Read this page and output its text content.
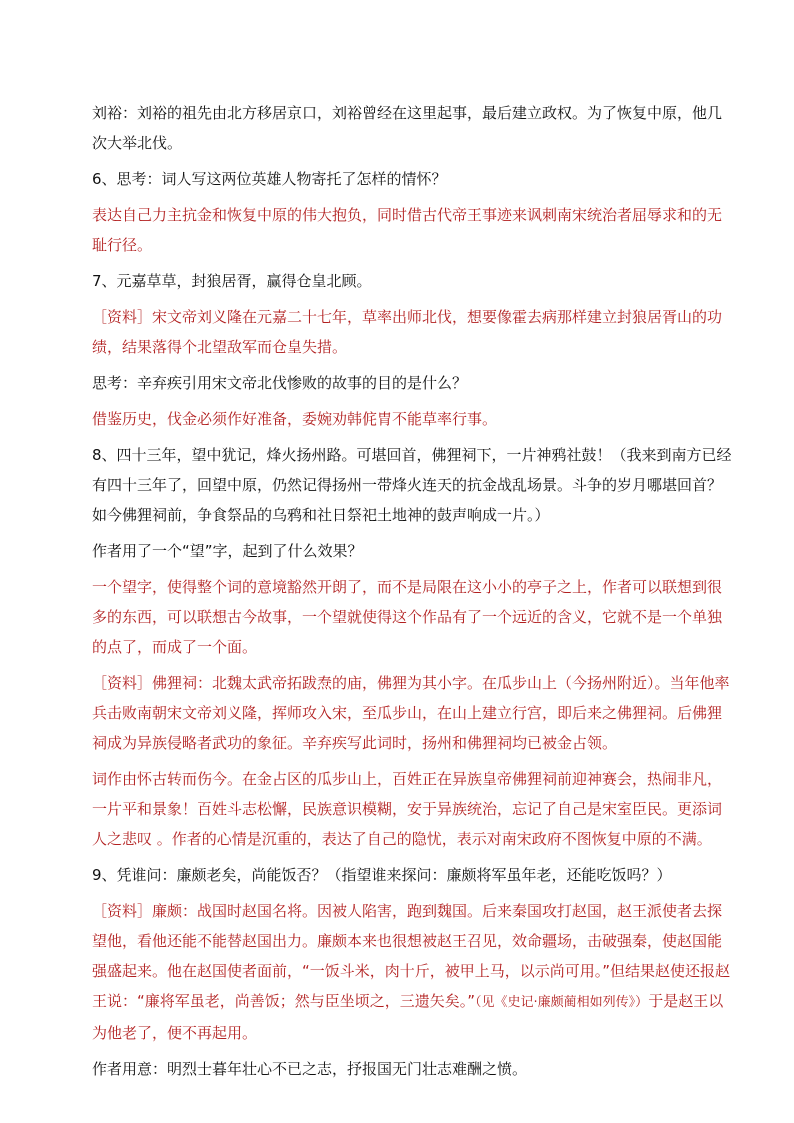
刘裕：刘裕的祖先由北方移居京口，刘裕曾经在这里起事，最后建立政权。为了恢复中原，他几次大举北伐。

6、思考：词人写这两位英雄人物寄托了怎样的情怀？

表达自己力主抗金和恢复中原的伟大抱负，同时借古代帝王事迹来讽刺南宋统治者屈辱求和的无耻行径。

7、元嘉草草，封狼居胥，赢得仓皇北顾。

［资料］宋文帝刘义隆在元嘉二十七年，草率出师北伐，想要像霍去病那样建立封狼居胥山的功绩，结果落得个北望敌军而仓皇失措。

思考：辛弃疾引用宋文帝北伐惨败的故事的目的是什么？

借鉴历史，伐金必须作好准备，委婉劝韩侂胄不能草率行事。

8、四十三年，望中犹记，烽火扬州路。可堪回首，佛狸祠下，一片神鸦社鼓！（我来到南方已经有四十三年了，回望中原，仍然记得扬州一带烽火连天的抗金战乱场景。斗争的岁月哪堪回首？如今佛狸祠前，争食祭品的乌鸦和社日祭祀土地神的鼓声响成一片。）

作者用了一个“望”字，起到了什么效果？

一个望字，使得整个词的意境豁然开朗了，而不是局限在这小小的亭子之上，作者可以联想到很多的东西，可以联想古今故事，一个望就使得这个作品有了一个远近的含义，它就不是一个单独的点了，而成了一个面。

［资料］佛狸祠：北魏太武帝拓跋焘的庙，佛狸为其小字。在瓜步山上（今扬州附近）。当年他率兵击败南朝宋文帝刘义隆，挥师攻入宋，至瓜步山，在山上建立行宫，即后来之佛狸祠。后佛狸祠成为异族侵略者武功的象征。辛弃疾写此词时，扬州和佛狸祠均已被金占领。

词作由怀古转而伤今。在金占区的瓜步山上，百姓正在异族皇帝佛狸祠前迎神赛会，热闹非凡，一片平和景象！百姓斗志松懈，民族意识模糊，安于异族统治，忘记了自己是宋室臣民。更添词人之悲叹 。作者的心情是沉重的，表达了自己的隐忧，表示对南宋政府不图恢复中原的不满。

9、凭谁问：廉颇老矣，尚能饭否？（指望谁来探问：廉颇将军虽年老，还能吃饭吗？）

［资料］廉颇：战国时赵国名将。因被人陷害，跑到魏国。后来秦国攻打赵国，赵王派使者去探望他，看他还能不能替赵国出力。廉颇本来也很想被赵王召见，效命疆场，击破强秦，使赵国能强盛起来。他在赵国使者面前，“一饭斗米，肉十斤，被甲上马，以示尚可用。”但结果赵使还报赵王说：“廉将军虽老，尚善饭；然与臣坐顷之，三遗矢矣。”（见《史记·廉颇蔺相如列传》）于是赵王以为他老了，便不再起用。

作者用意：明烈士暮年壮心不已之志，抒报国无门壮志难酬之愤。
